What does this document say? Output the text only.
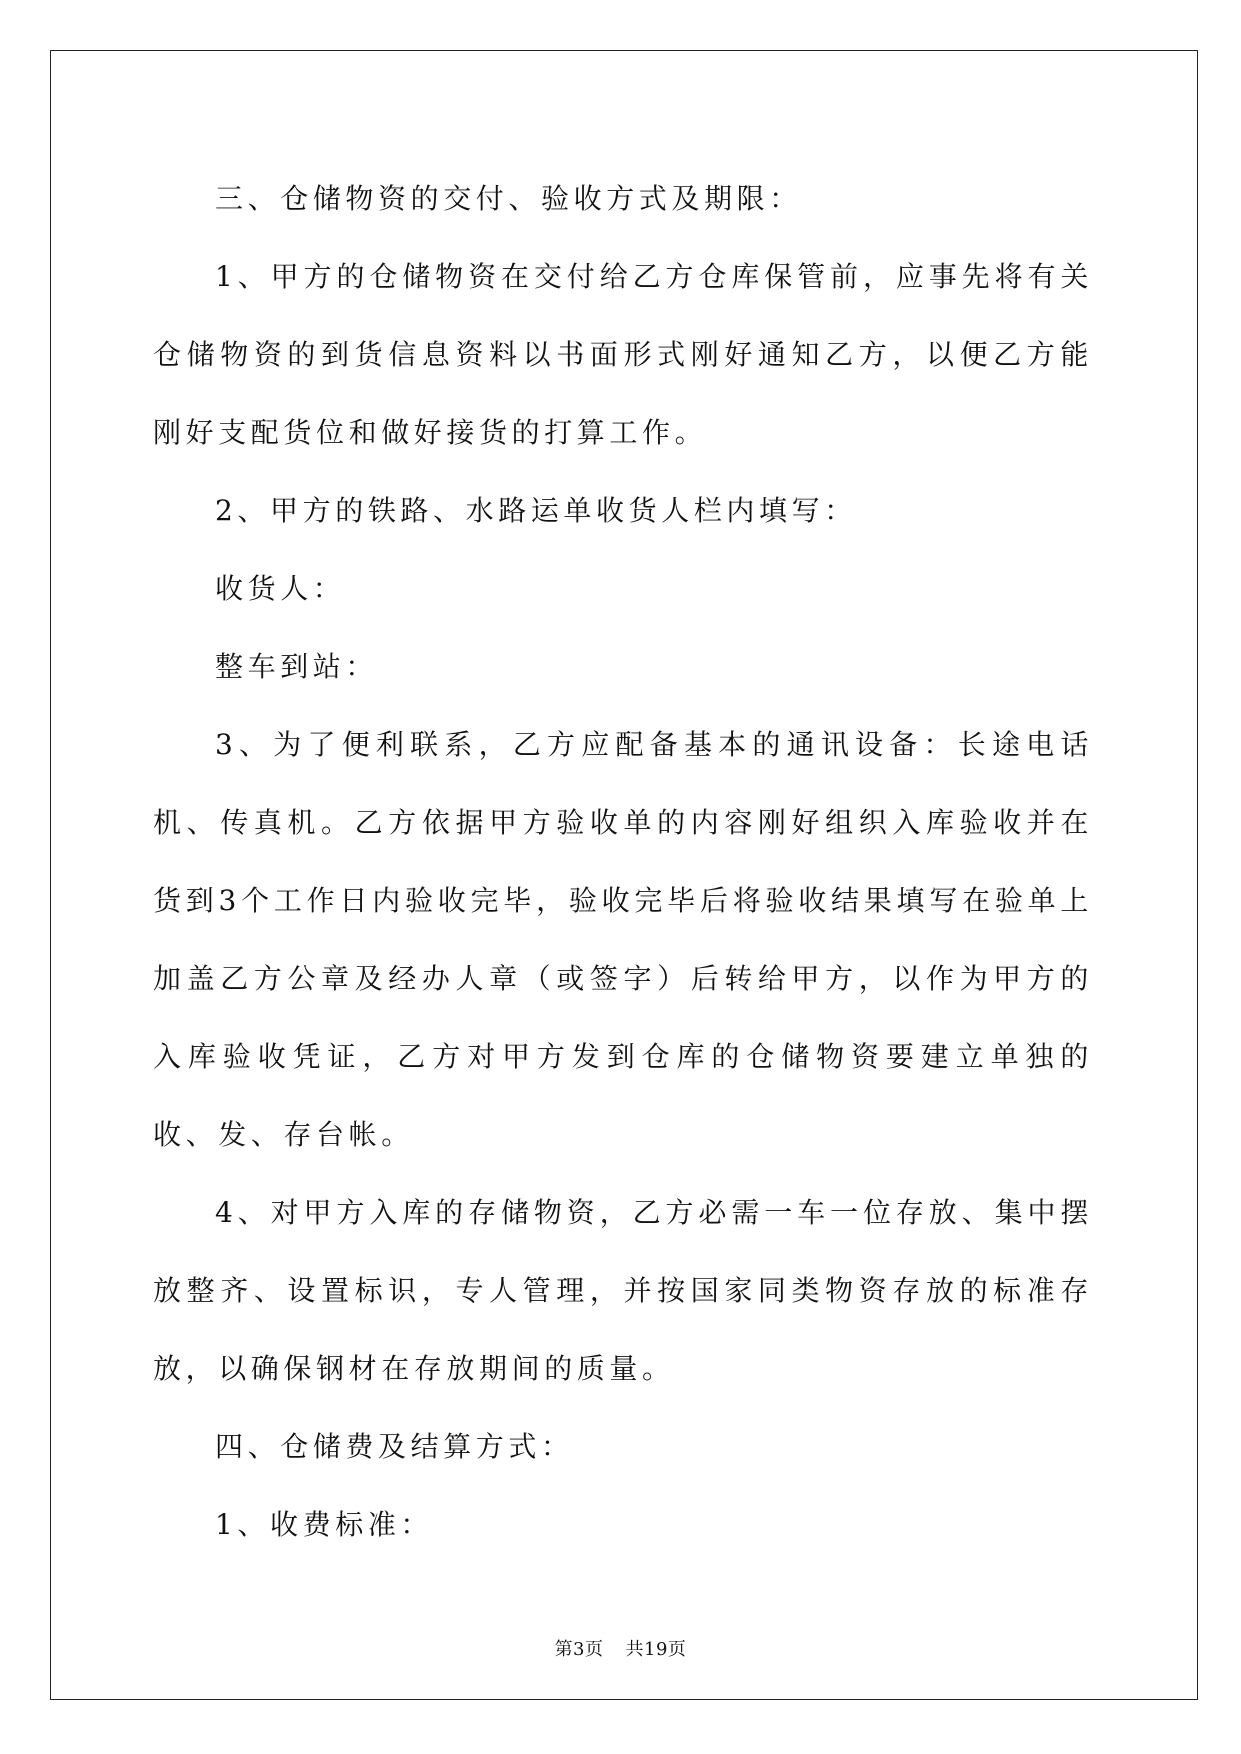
三、仓储物资的交付、验收方式及期限：

1、甲方的仓储物资在交付给乙方仓库保管前，应事先将有关仓储物资的到货信息资料以书面形式刚好通知乙方，以便乙方能刚好支配货位和做好接货的打算工作。

2、甲方的铁路、水路运单收货人栏内填写：

收货人：

整车到站：

3、为了便利联系，乙方应配备基本的通讯设备：长途电话机、传真机。乙方依据甲方验收单的内容刚好组织入库验收并在货到3个工作日内验收完毕，验收完毕后将验收结果填写在验单上加盖乙方公章及经办人章（或签字）后转给甲方，以作为甲方的入库验收凭证，乙方对甲方发到仓库的仓储物资要建立单独的收、发、存台帐。

4、对甲方入库的存储物资，乙方必需一车一位存放、集中摆放整齐、设置标识，专人管理，并按国家同类物资存放的标准存放，以确保钢材在存放期间的质量。

四、仓储费及结算方式：

1、收费标准：

第3页 共19页
